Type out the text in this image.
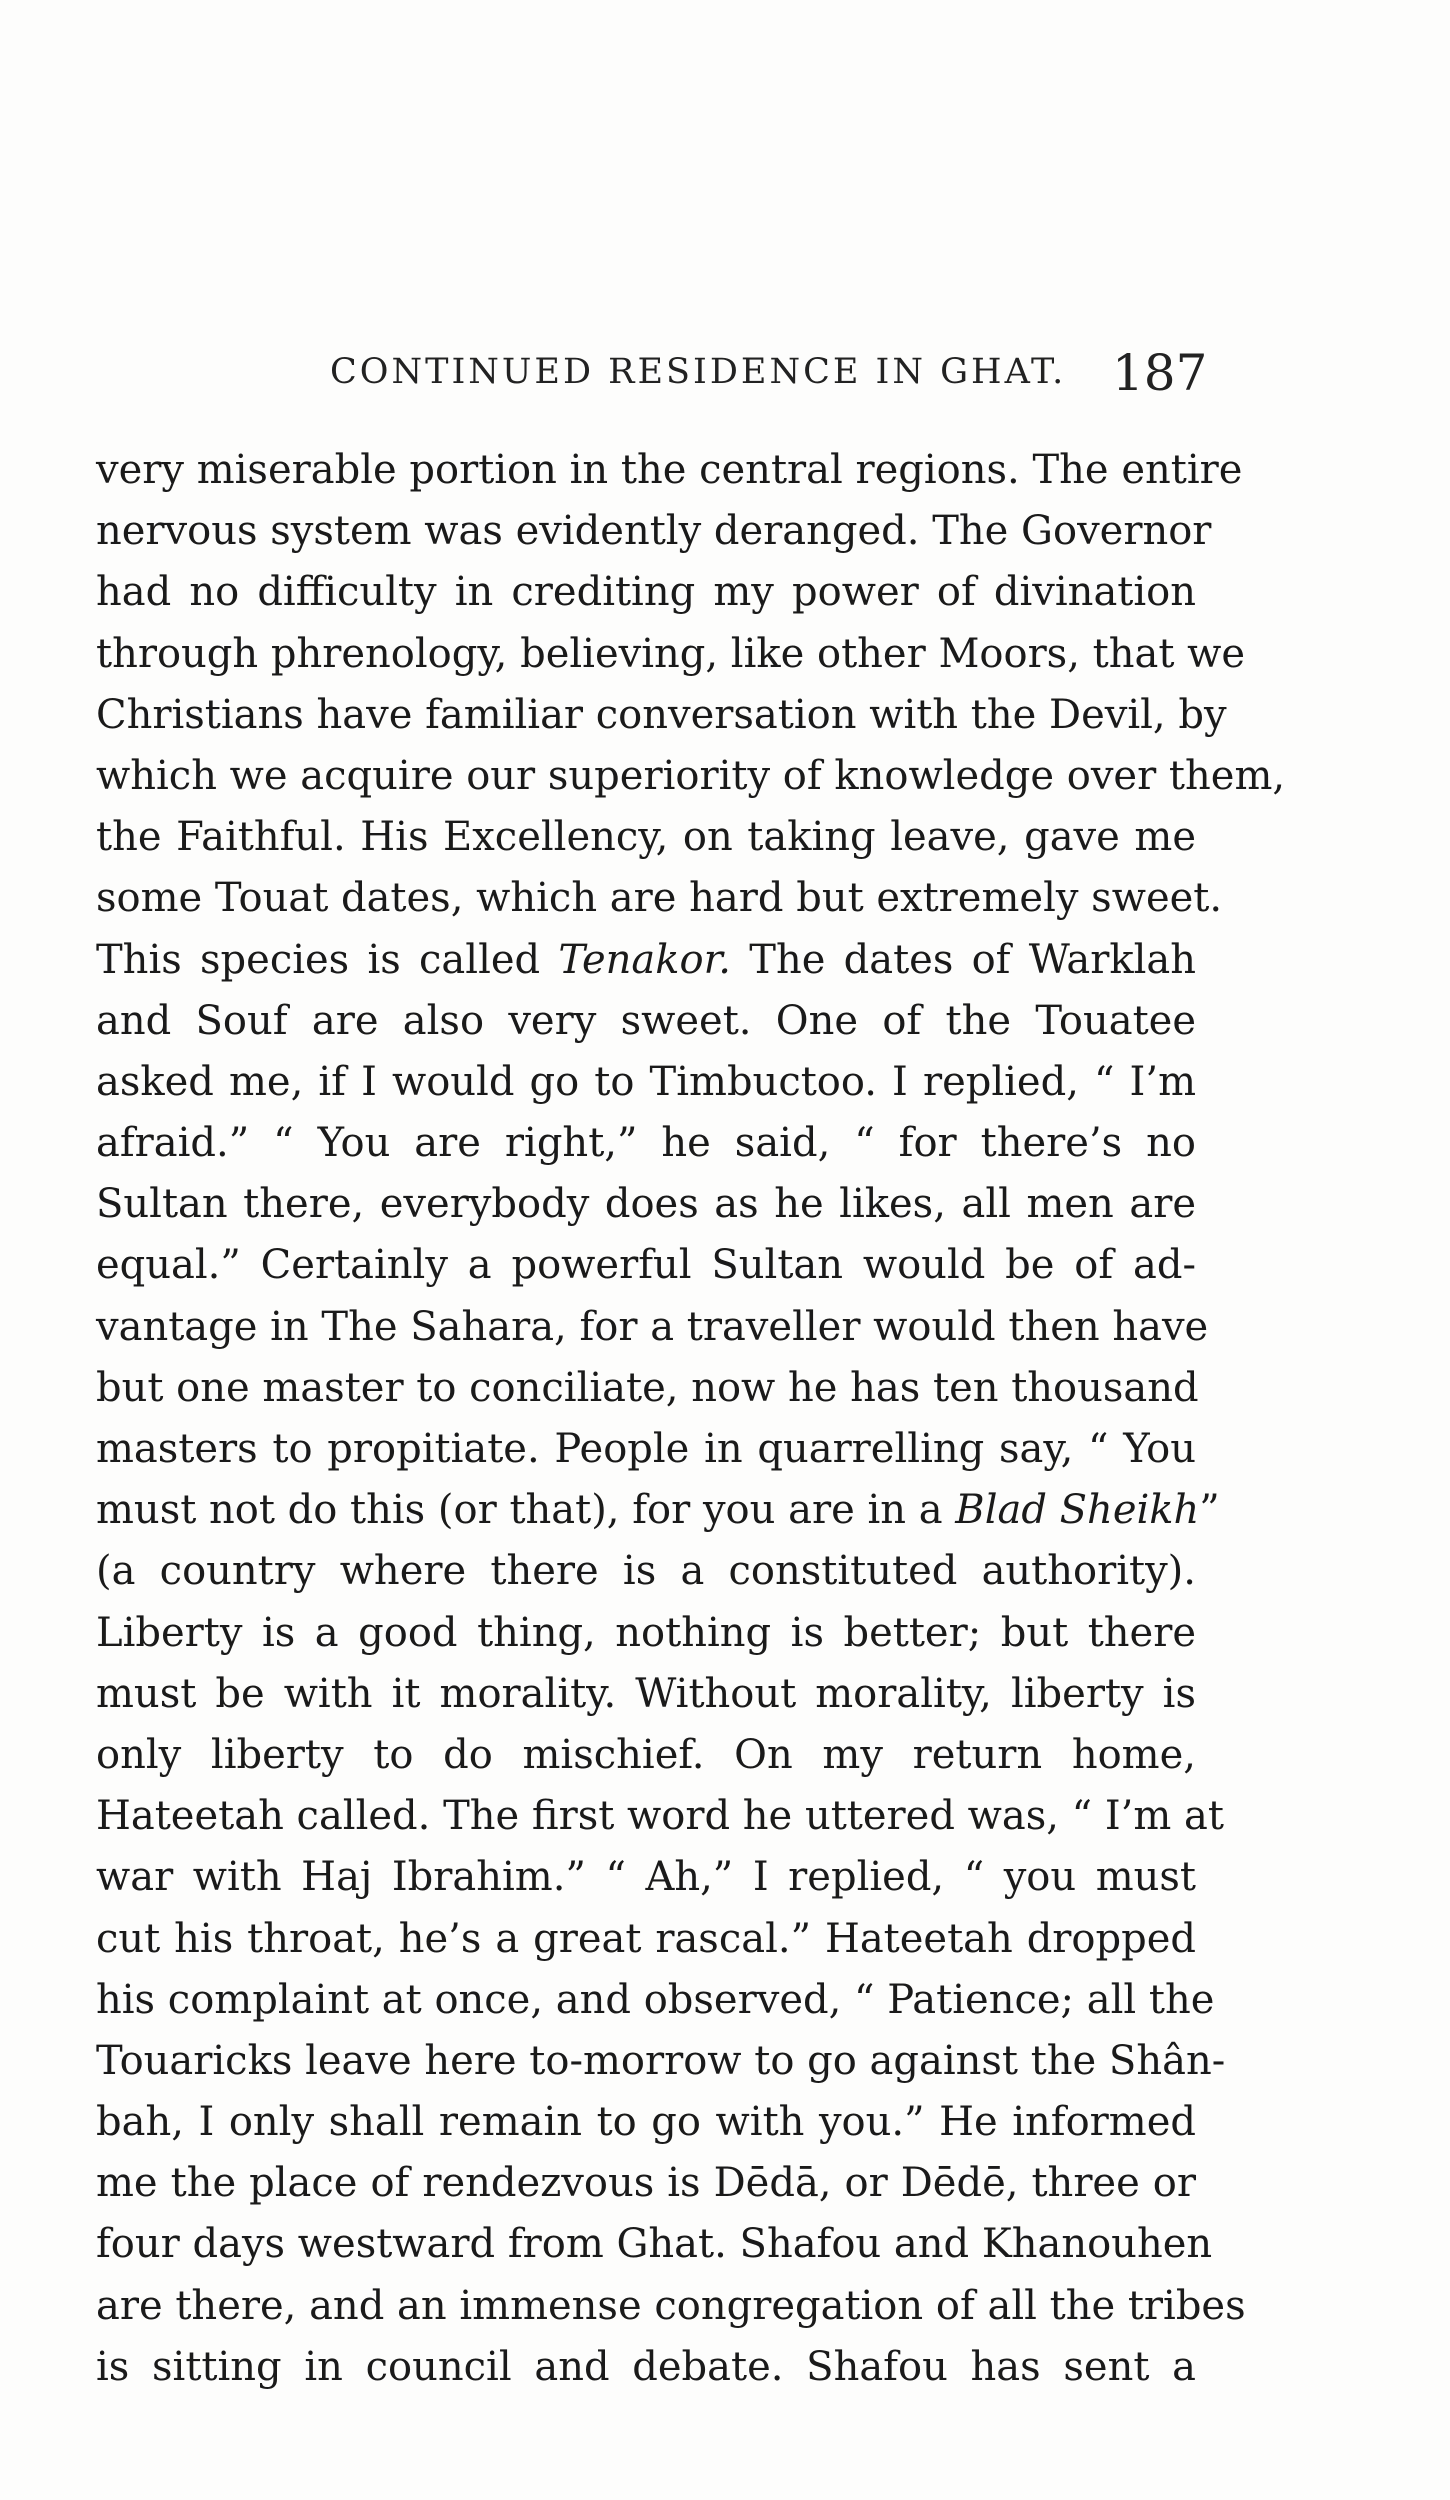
CONTINUED RESIDENCE IN GHAT. 187
very miserable portion in the central regions. The entire
nervous system was evidently deranged. The Governor
had no difficulty in crediting my power of divination
through phrenology, believing, like other Moors, that we
Christians have familiar conversation with the Devil, by
which we acquire our superiority of knowledge over them,
the Faithful. His Excellency, on taking leave, gave me
some Touat dates, which are hard but extremely sweet.
This species is called Tenakor. The dates of Warklah
and Souf are also very sweet. One of the Touatee
asked me, if I would go to Timbuctoo. I replied, “ I’m
afraid.” “ You are right,” he said, “ for there’s no
Sultan there, everybody does as he likes, all men are
equal.” Certainly a powerful Sultan would be of ad-
vantage in The Sahara, for a traveller would then have
but one master to conciliate, now he has ten thousand
masters to propitiate. People in quarrelling say, “ You
must not do this (or that), for you are in a Blad Sheikh”
(a country where there is a constituted authority).
Liberty is a good thing, nothing is better; but there
must be with it morality. Without morality, liberty is
only liberty to do mischief. On my return home,
Hateetah called. The first word he uttered was, “ I’m at
war with Haj Ibrahim.” “ Ah,” I replied, “ you must
cut his throat, he’s a great rascal.” Hateetah dropped
his complaint at once, and observed, “ Patience; all the
Touaricks leave here to-morrow to go against the Shân-
bah, I only shall remain to go with you.” He informed
me the place of rendezvous is Dēdā, or Dēdē, three or
four days westward from Ghat. Shafou and Khanouhen
are there, and an immense congregation of all the tribes
is sitting in council and debate. Shafou has sent a
